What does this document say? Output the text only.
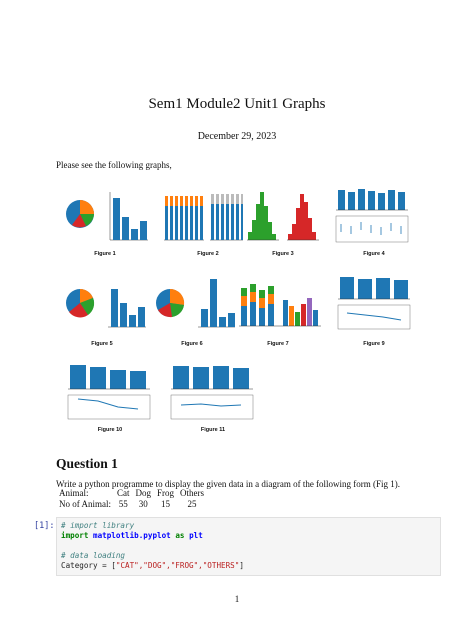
Sem1 Module2 Unit1 Graphs
December 29, 2023
Please see the following graphs,
Figure 1	Figure 2	Figure 3	Figure 4
Figure 5	Figure 6	Figure 7	Figure 9
Figure 10	Figure 11
Question 1
Write a python programme to display the given data in a diagram of the following form (Fig 1).
Animal:	Cat	Dog	Frog	Others
No of Animal:	55	30	15	25
[1]: # import library
import matplotlib.pyplot as plt

# data loading
Category = ["CAT","DOG","FROG","OTHERS"]
1
